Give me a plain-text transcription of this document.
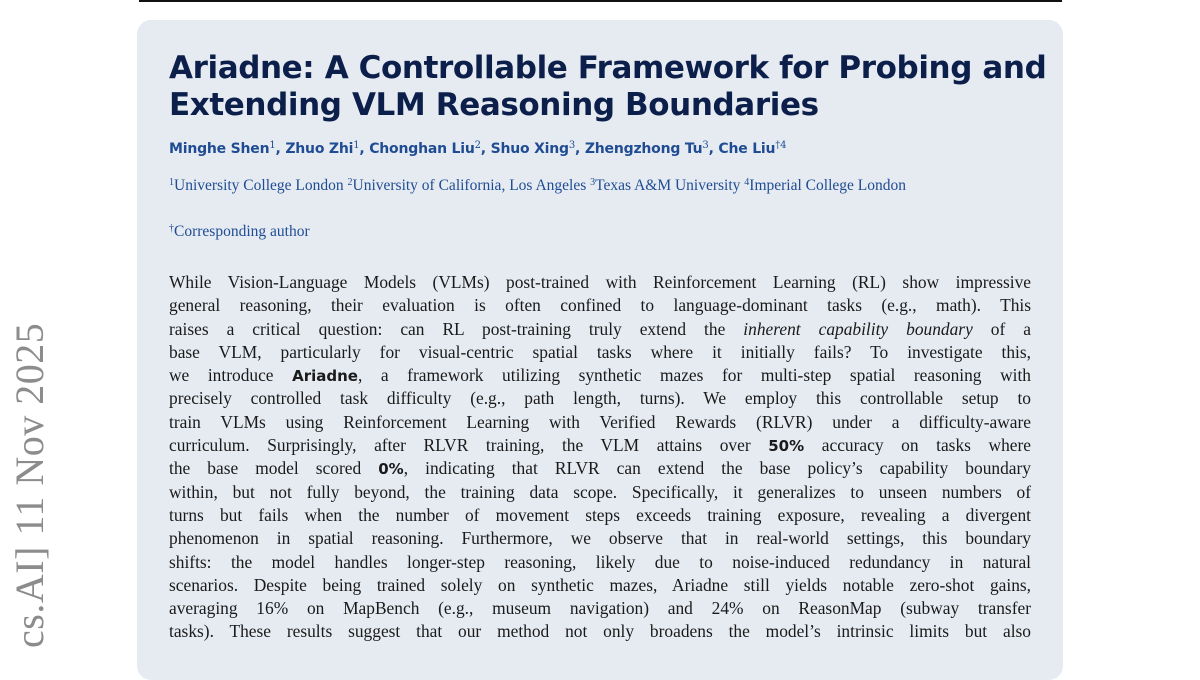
cs.AI] 11 Nov 2025
Ariadne: A Controllable Framework for Probing and Extending VLM Reasoning Boundaries
Minghe Shen$^1$, Zhuo Zhi$^1$, Chonghan Liu$^2$, Shuo Xing$^3$, Zhengzhong Tu$^3$, Che Liu$^{\dagger 4}$
$^1$University College London $^2$University of California, Los Angeles $^3$Texas A&M University $^4$Imperial College London
†Corresponding author
While Vision-Language Models (VLMs) post-trained with Reinforcement Learning (RL) show impressive
general reasoning, their evaluation is often confined to language-dominant tasks (e.g., math). This
raises a critical question: can RL post-training truly extend the inherent capability boundary of a
base VLM, particularly for visual-centric spatial tasks where it initially fails? To investigate this,
we introduce Ariadne, a framework utilizing synthetic mazes for multi-step spatial reasoning with
precisely controlled task difficulty (e.g., path length, turns). We employ this controllable setup to
train VLMs using Reinforcement Learning with Verified Rewards (RLVR) under a difficulty-aware
curriculum. Surprisingly, after RLVR training, the VLM attains over 50% accuracy on tasks where
the base model scored 0%, indicating that RLVR can extend the base policy’s capability boundary
within, but not fully beyond, the training data scope. Specifically, it generalizes to unseen numbers of
turns but fails when the number of movement steps exceeds training exposure, revealing a divergent
phenomenon in spatial reasoning. Furthermore, we observe that in real-world settings, this boundary
shifts: the model handles longer-step reasoning, likely due to noise-induced redundancy in natural
scenarios. Despite being trained solely on synthetic mazes, Ariadne still yields notable zero-shot gains,
averaging 16% on MapBench (e.g., museum navigation) and 24% on ReasonMap (subway transfer
tasks). These results suggest that our method not only broadens the model’s intrinsic limits but also
